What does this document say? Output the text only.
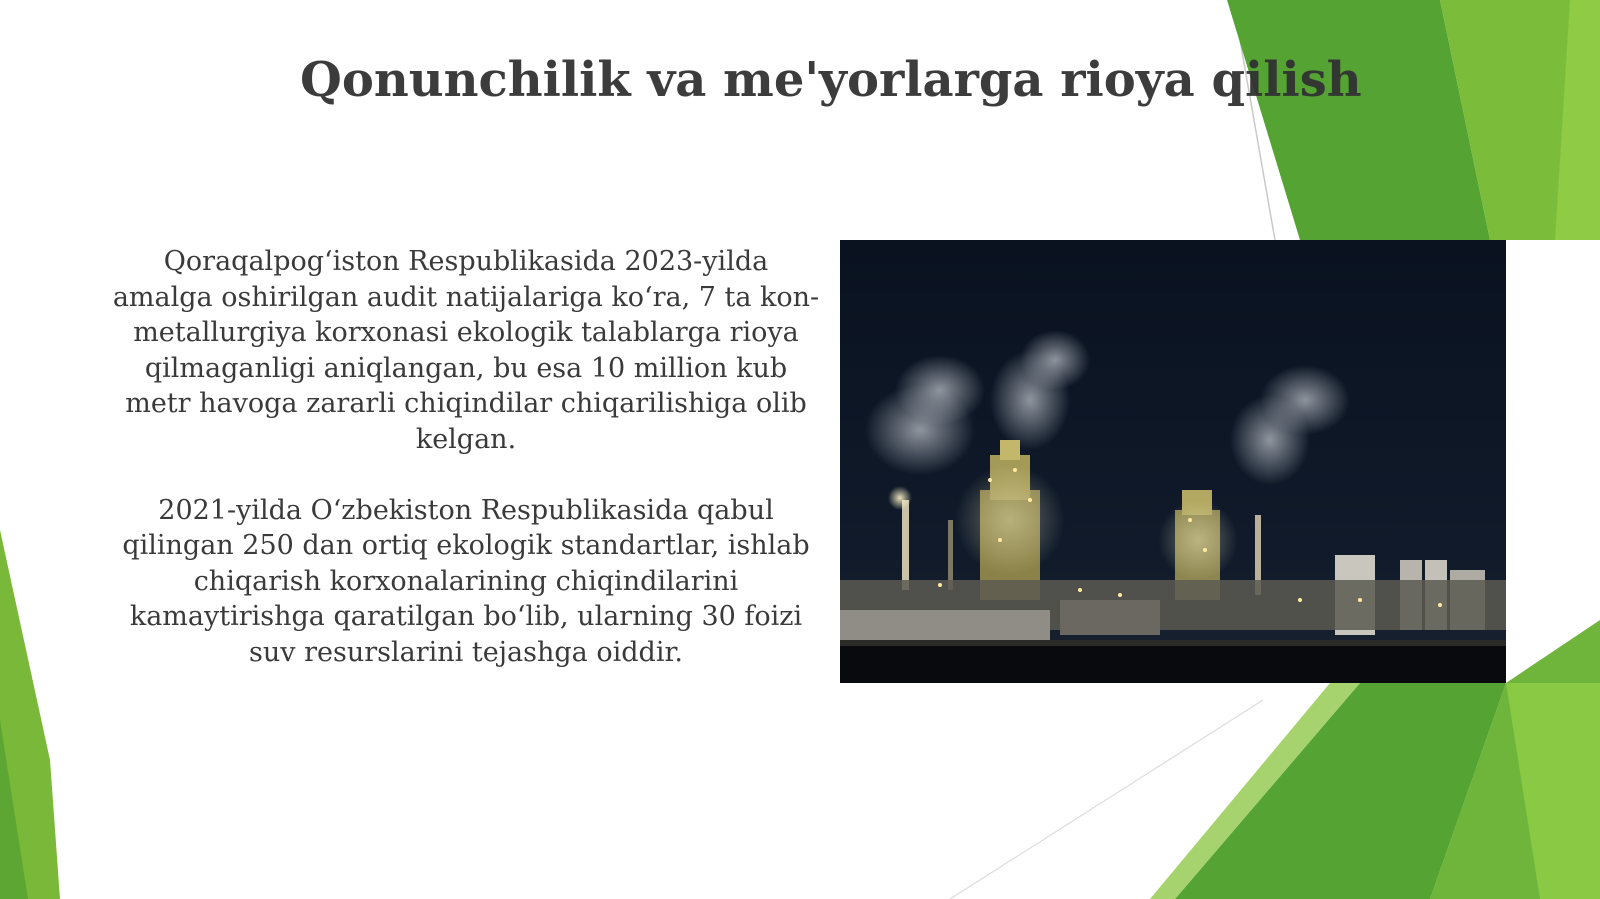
Qonunchilik va me'yorlarga rioya qilish

Qoraqalpog‘iston Respublikasida 2023-yilda amalga oshirilgan audit natijalariga ko‘ra, 7 ta kon-metallurgiya korxonasi ekologik talablarga rioya qilmaganligi aniqlangan, bu esa 10 million kub metr havoga zararli chiqindilar chiqarilishiga olib kelgan.

2021-yilda O‘zbekiston Respublikasida qabul qilingan 250 dan ortiq ekologik standartlar, ishlab chiqarish korxonalarining chiqindilarini kamaytirishga qaratilgan bo‘lib, ularning 30 foizi suv resurslarini tejashga oiddir.
